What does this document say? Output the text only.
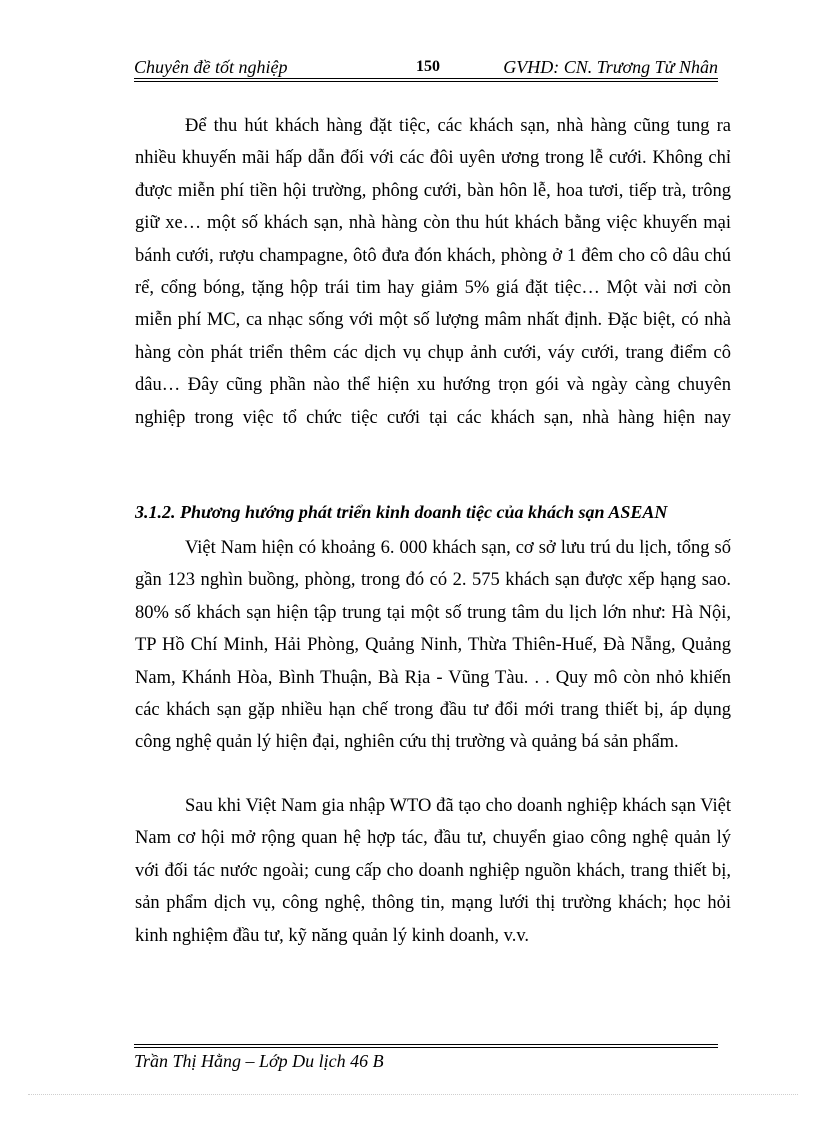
Chuyên đề tốt nghiệp	150	GVHD: CN. Trương Tử Nhân

Để thu hút khách hàng đặt tiệc, các khách sạn, nhà hàng cũng tung ra nhiều khuyến mãi hấp dẫn đối với các đôi uyên ương trong lễ cưới. Không chỉ được miễn phí tiền hội trường, phông cưới, bàn hôn lễ, hoa tươi, tiếp trà, trông giữ xe… một số khách sạn, nhà hàng còn thu hút khách bằng việc khuyến mại bánh cưới, rượu champagne, ôtô đưa đón khách, phòng ở 1 đêm cho cô dâu chú rể, cổng bóng, tặng hộp trái tim hay giảm 5% giá đặt tiệc… Một vài nơi còn miễn phí MC, ca nhạc sống với một số lượng mâm nhất định. Đặc biệt, có nhà hàng còn phát triển thêm các dịch vụ chụp ảnh cưới, váy cưới, trang điểm cô dâu… Đây cũng phần nào thể hiện xu hướng trọn gói và ngày càng chuyên nghiệp trong việc tổ chức tiệc cưới tại các khách sạn, nhà hàng hiện nay

3.1.2. Phương hướng phát triển kinh doanh tiệc của khách sạn ASEAN

Việt Nam hiện có khoảng 6. 000 khách sạn, cơ sở lưu trú du lịch, tổng số gần 123 nghìn buồng, phòng, trong đó có 2. 575 khách sạn được xếp hạng sao. 80% số khách sạn hiện tập trung tại một số trung tâm du lịch lớn như: Hà Nội, TP Hồ Chí Minh, Hải Phòng, Quảng Ninh, Thừa Thiên-Huế, Đà Nẵng, Quảng Nam, Khánh Hòa, Bình Thuận, Bà Rịa - Vũng Tàu. . . Quy mô còn nhỏ khiến các khách sạn gặp nhiều hạn chế trong đầu tư đổi mới trang thiết bị, áp dụng công nghệ quản lý hiện đại, nghiên cứu thị trường và quảng bá sản phẩm.

Sau khi Việt Nam gia nhập WTO đã tạo cho doanh nghiệp khách sạn Việt Nam cơ hội mở rộng quan hệ hợp tác, đầu tư, chuyển giao công nghệ quản lý với đối tác nước ngoài; cung cấp cho doanh nghiệp nguồn khách, trang thiết bị, sản phẩm dịch vụ, công nghệ, thông tin, mạng lưới thị trường khách; học hỏi kinh nghiệm đầu tư, kỹ năng quản lý kinh doanh, v.v.

Trần Thị Hằng – Lớp Du lịch 46 B
